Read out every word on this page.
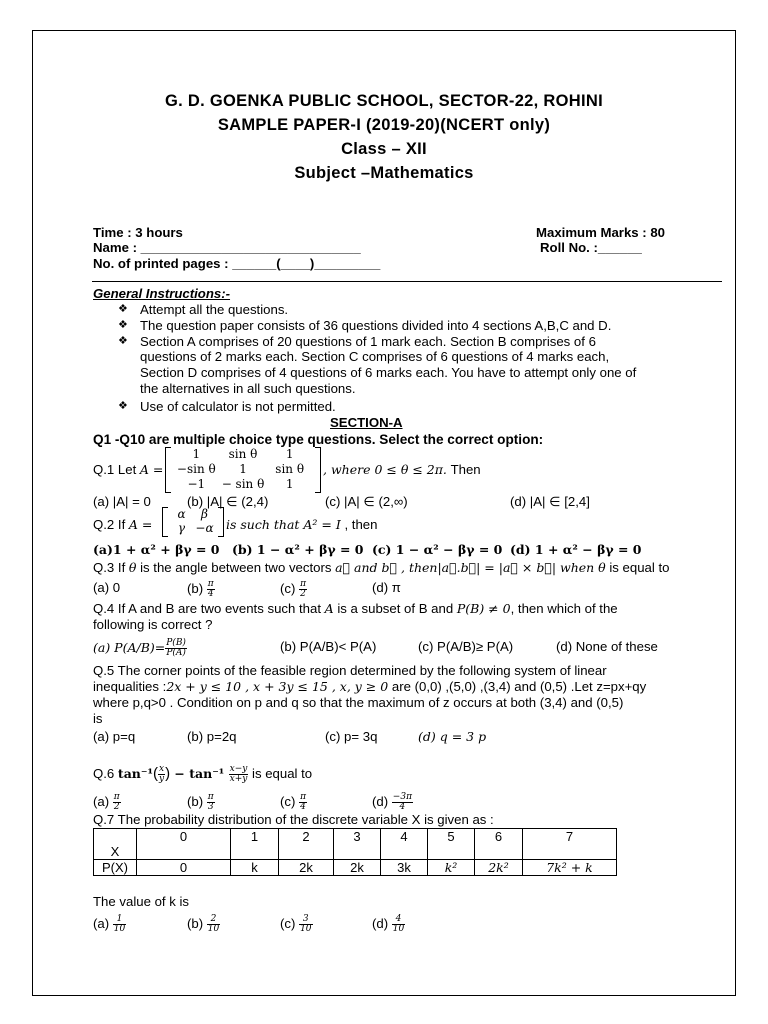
G. D. GOENKA PUBLIC SCHOOL, SECTOR-22, ROHINI
SAMPLE PAPER-I (2019-20)(NCERT only)
Class – XII
Subject –Mathematics
Time : 3 hours	Maximum Marks : 80
Name : ______________________________	Roll No. :______
No. of printed pages : ______(____)_________
General Instructions:-
❖ Attempt all the questions.
❖ The question paper consists of 36 questions divided into 4 sections A,B,C and D.
❖ Section A comprises of 20 questions of 1 mark each. Section B comprises of 6
questions of 2 marks each. Section C comprises of 6 questions of 4 marks each,
Section D comprises of 4 questions of 6 marks each. You have to attempt only one of
the alternatives in all such questions.
❖ Use of calculator is not permitted.
SECTION-A
Q1 -Q10 are multiple choice type questions. Select the correct option:
Q.1 Let A =
1	sin θ	1
−sin θ	1	sin θ
−1	− sin θ	1
, where 0 ≤ θ ≤ 2π. Then
(a) |A| = 0	(b) |A| ∈ (2,4)	(c) |A| ∈ (2,∞)	(d) |A| ∈ [2,4]
Q.2 If A =
α	β
γ −α is such that A² = I , then
(a)1 + α² + βγ = 0 (b) 1 − α² + βγ = 0 (c) 1 − α² − βγ = 0 (d) 1 + α² − βγ = 0
Q.3 If θ is the angle between two vectors a⃗ and b⃗ , then|a⃗.b⃗| = |a⃗ × b⃗| when θ is equal to
(a) 0	$(b) \frac{\pi}{4}$	$(c) \frac{\pi}{2}$	(d) π
Q.4 If A and B are two events such that A is a subset of B and P(B) ≠ 0, then which of the
following is correct ?
(a) $P(A/B)= \frac{P(B)}{P(A)}$	(b) P(A/B)< P(A)	(c) P(A/B)≥ P(A)	(d) None of these
Q.5 The corner points of the feasible region determined by the following system of linear
inequalities :2x + y ≤ 10 , x + 3y ≤ 15 , x, y ≥ 0 are (0,0) ,(5,0) ,(3,4) and (0,5) .Let z=px+qy
where p,q>0 . Condition on p and q so that the maximum of z occurs at both (3,4) and (0,5)
is
(a) p=q	(b) p=2q	(c) p= 3q	(d) q = 3 p
Q.6 $\tan^{-1}( \frac{x}{y}$ ) − $\tan^{-1} \frac{x-y}{x+y}$ is equal to
$(a) \frac{\pi}{2}$	$(b) \frac{\pi}{3}$	$(c) \frac{\pi}{4}$	$(d) \frac{-3\pi}{4}$
Q.7 The probability distribution of the discrete variable X is given as :
X	0	1	2	3	4	5	6	7
P(X)	0	k	2k	2k	3k	k²	2k²	7k² + k
The value of k is
$(a) \frac{1}{10}$	$(b) \frac{2}{10}$	$(c) \frac{3}{10}$	$(d) \frac{4}{10}$
